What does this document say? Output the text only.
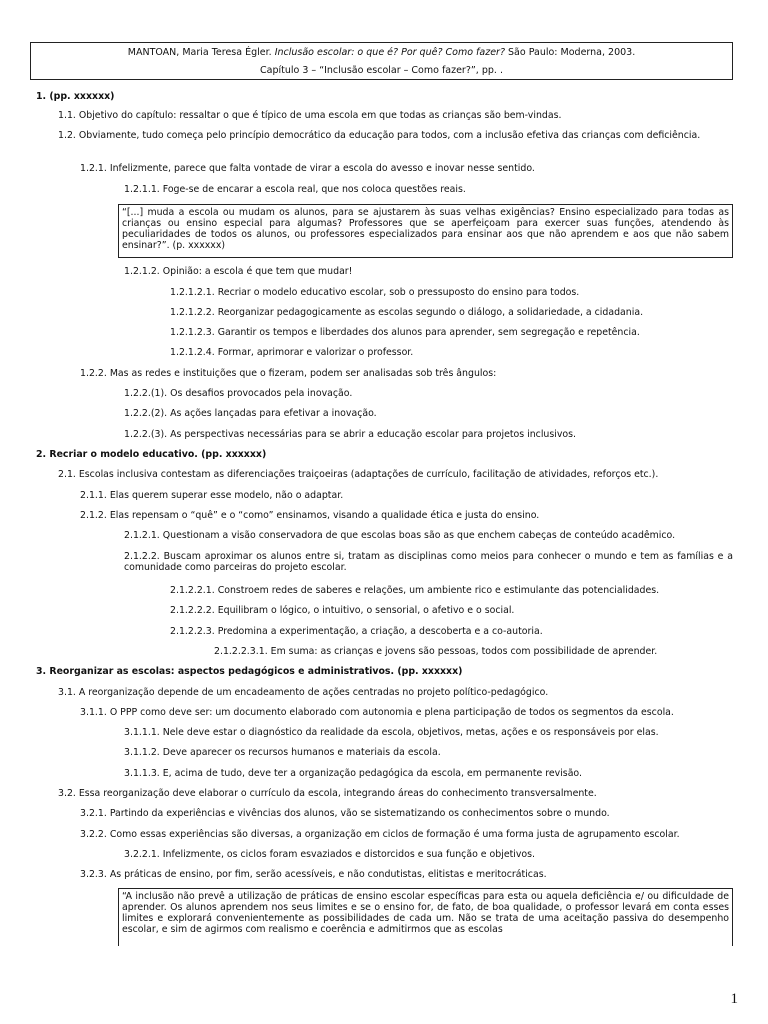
MANTOAN, Maria Teresa Égler. Inclusão escolar: o que é? Por quê? Como fazer? São Paulo: Moderna, 2003.
Capítulo 3 – “Inclusão escolar – Como fazer?”, pp. .
1. (pp. xxxxxx)
1.1. Objetivo do capítulo: ressaltar o que é típico de uma escola em que todas as crianças são bem-vindas.
1.2. Obviamente, tudo começa pelo princípio democrático da educação para todos, com a inclusão efetiva das crianças com deficiência.
1.2.1. Infelizmente, parece que falta vontade de virar a escola do avesso e inovar nesse sentido.
1.2.1.1. Foge-se de encarar a escola real, que nos coloca questões reais.
“[...] muda a escola ou mudam os alunos, para se ajustarem às suas velhas exigências? Ensino especializado para todas as crianças ou ensino especial para algumas? Professores que se aperfeiçoam para exercer suas funções, atendendo às peculiaridades de todos os alunos, ou professores especializados para ensinar aos que não aprendem e aos que não sabem ensinar?”. (p. xxxxxx)
1.2.1.2. Opinião: a escola é que tem que mudar!
1.2.1.2.1. Recriar o modelo educativo escolar, sob o pressuposto do ensino para todos.
1.2.1.2.2. Reorganizar pedagogicamente as escolas segundo o diálogo, a solidariedade, a cidadania.
1.2.1.2.3. Garantir os tempos e liberdades dos alunos para aprender, sem segregação e repetência.
1.2.1.2.4. Formar, aprimorar e valorizar o professor.
1.2.2. Mas as redes e instituições que o fizeram, podem ser analisadas sob três ângulos:
1.2.2.(1). Os desafios provocados pela inovação.
1.2.2.(2). As ações lançadas para efetivar a inovação.
1.2.2.(3). As perspectivas necessárias para se abrir a educação escolar para projetos inclusivos.
2. Recriar o modelo educativo. (pp. xxxxxx)
2.1. Escolas inclusiva contestam as diferenciações traiçoeiras (adaptações de currículo, facilitação de atividades, reforços etc.).
2.1.1. Elas querem superar esse modelo, não o adaptar.
2.1.2. Elas repensam o “quê” e o “como” ensinamos, visando a qualidade ética e justa do ensino.
2.1.2.1. Questionam a visão conservadora de que escolas boas são as que enchem cabeças de conteúdo acadêmico.
2.1.2.2. Buscam aproximar os alunos entre si, tratam as disciplinas como meios para conhecer o mundo e tem as famílias e a comunidade como parceiras do projeto escolar.
2.1.2.2.1. Constroem redes de saberes e relações, um ambiente rico e estimulante das potencialidades.
2.1.2.2.2. Equilibram o lógico, o intuitivo, o sensorial, o afetivo e o social.
2.1.2.2.3. Predomina a experimentação, a criação, a descoberta e a co-autoria.
2.1.2.2.3.1. Em suma: as crianças e jovens são pessoas, todos com possibilidade de aprender.
3. Reorganizar as escolas: aspectos pedagógicos e administrativos. (pp. xxxxxx)
3.1. A reorganização depende de um encadeamento de ações centradas no projeto político-pedagógico.
3.1.1. O PPP como deve ser: um documento elaborado com autonomia e plena participação de todos os segmentos da escola.
3.1.1.1. Nele deve estar o diagnóstico da realidade da escola, objetivos, metas, ações e os responsáveis por elas.
3.1.1.2. Deve aparecer os recursos humanos e materiais da escola.
3.1.1.3. E, acima de tudo, deve ter a organização pedagógica da escola, em permanente revisão.
3.2. Essa reorganização deve elaborar o currículo da escola, integrando áreas do conhecimento transversalmente.
3.2.1. Partindo da experiências e vivências dos alunos, vão se sistematizando os conhecimentos sobre o mundo.
3.2.2. Como essas experiências são diversas, a organização em ciclos de formação é uma forma justa de agrupamento escolar.
3.2.2.1. Infelizmente, os ciclos foram esvaziados e distorcidos e sua função e objetivos.
3.2.3. As práticas de ensino, por fim, serão acessíveis, e não condutistas, elitistas e meritocráticas.
“A inclusão não prevê a utilização de práticas de ensino escolar específicas para esta ou aquela deficiência e/ ou dificuldade de aprender. Os alunos aprendem nos seus limites e se o ensino for, de fato, de boa qualidade, o professor levará em conta esses limites e explorará convenientemente as possibilidades de cada um. Não se trata de uma aceitação passiva do desempenho escolar, e sim de agirmos com realismo e coerência e admitirmos que as escolas
1
